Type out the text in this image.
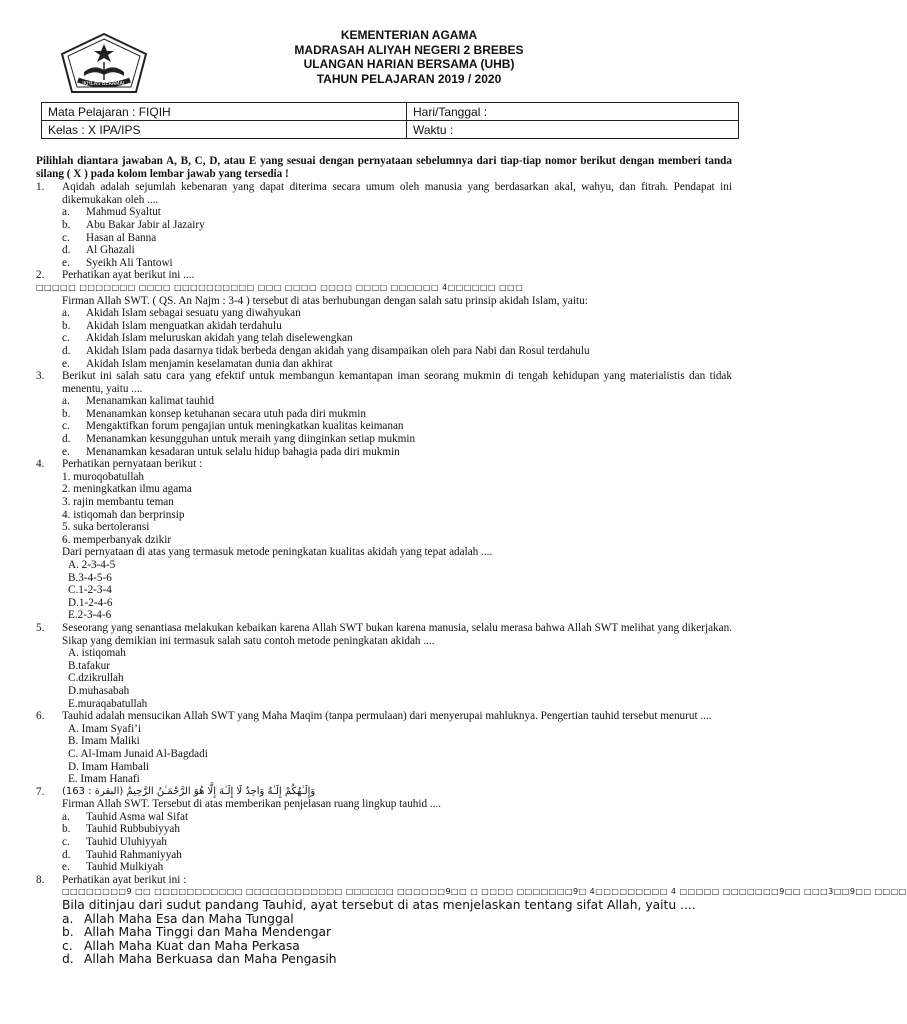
IKHLAS BERAMAL
KEMENTERIAN AGAMA
MADRASAH ALIYAH NEGERI 2 BREBES
ULANGAN HARIAN BERSAMA (UHB)
TAHUN PELAJARAN 2019 / 2020
Mata Pelajaran : FIQIH	Hari/Tanggal :
Kelas : X IPA/IPS	Waktu :
Pilihlah diantara jawaban A, B, C, D, atau E yang sesuai dengan pernyataan sebelumnya dari tiap-tiap nomor berikut dengan memberi tanda silang ( X ) pada kolom lembar jawab yang tersedia !
1.	Aqidah adalah sejumlah kebenaran yang dapat diterima secara umum oleh manusia yang berdasarkan akal, wahyu, dan fitrah. Pendapat ini dikemukakan oleh ....
a.	Mahmud Syaltut
b.	Abu Bakar Jabir al Jazairy
c.	Hasan al Banna
d.	Al Ghazali
e.	Syeikh Ali Tantowi
2.	Perhatikan ayat berikut ini ....
□□□□□ □□□□□□□ □□□□ □□□□□□□□□□ □□□ □□□□ □□□□ □□□□ □□□□□□ 4□□□□□□ □□□
Firman Allah SWT. ( QS. An Najm : 3-4 ) tersebut di atas berhubungan dengan salah satu prinsip akidah Islam, yaitu:
a.	Akidah Islam sebagai sesuatu yang diwahyukan
b.	Akidah Islam menguatkan akidah terdahulu
c.	Akidah Islam meluruskan akidah yang telah diselewengkan
d.	Akidah Islam pada dasarnya tidak berbeda dengan akidah yang disampaikan oleh para Nabi dan Rosul terdahulu
e.	Akidah Islam menjamin keselamatan dunia dan akhirat
3.	Berikut ini salah satu cara yang efektif untuk membangun kemantapan iman seorang mukmin di tengah kehidupan yang materialistis dan tidak menentu, yaitu ....
a.	Menanamkan kalimat tauhid
b.	Menanamkan konsep ketuhanan secara utuh pada diri mukmin
c.	Mengaktifkan forum pengajian untuk meningkatkan kualitas keimanan
d.	Menanamkan kesungguhan untuk meraih yang diinginkan setiap mukmin
e.	Menanamkan kesadaran untuk selalu hidup bahagia pada diri mukmin
4.	Perhatikan pernyataan berikut :
1. muroqobatullah
2. meningkatkan ilmu agama
3. rajin membantu teman
4. istiqomah dan berprinsip
5. suka bertoleransi
6. memperbanyak dzikir
Dari pernyataan di atas yang termasuk metode peningkatan kualitas akidah yang tepat adalah ....
A. 2-3-4-5
B.3-4-5-6
C.1-2-3-4
D.1-2-4-6
E.2-3-4-6
5.	Seseorang yang senantiasa melakukan kebaikan karena Allah SWT bukan karena manusia, selalu merasa bahwa Allah SWT melihat yang dikerjakan. Sikap yang demikian ini termasuk salah satu contoh metode peningkatan akidah ....
A. istiqomah
B.tafakur
C.dzikrullah
D.muhasabah
E.muraqabatullah
6.	Tauhid adalah mensucikan Allah SWT yang Maha Maqim (tanpa permulaan) dari menyerupai mahluknya. Pengertian tauhid tersebut menurut ....
A. Imam Syafi’i
B. Imam Maliki
C. Al-Imam Junaid Al-Bagdadi
D. Imam Hambali
E. Imam Hanafi
7.	(163 : البقرة) وَإِلَـٰهُكُمْ إِلَـٰهٌ وَاحِدٌ لَا إِلَـٰهَ إِلَّا هُوَ الرَّحْمَـٰنُ الرَّحِيمُ
Firman Allah SWT. Tersebut di atas memberikan penjelasan ruang lingkup tauhid ....
a.	Tauhid Asma wal Sifat
b.	Tauhid Rubbubiyyah
c.	Tauhid Uluhiyyah
d.	Tauhid Rahmaniyyah
e.	Tauhid Mulkiyah
8.	Perhatikan ayat berikut ini :
□□□□□□□□9 □□ □□□□□□□□□□□ □□□□□□□□□□□□ □□□□□□ □□□□□□9□□ □ □□□□ □□□□□□□9□ 4□□□□□□□□□ 4 □□□□□ □□□□□□□9□□ □□□3□□9□□ □□□□
Bila ditinjau dari sudut pandang Tauhid, ayat tersebut di atas menjelaskan tentang sifat Allah, yaitu ....
a. Allah Maha Esa dan Maha Tunggal
b. Allah Maha Tinggi dan Maha Mendengar
c. Allah Maha Kuat dan Maha Perkasa
d. Allah Maha Berkuasa dan Maha Pengasih
